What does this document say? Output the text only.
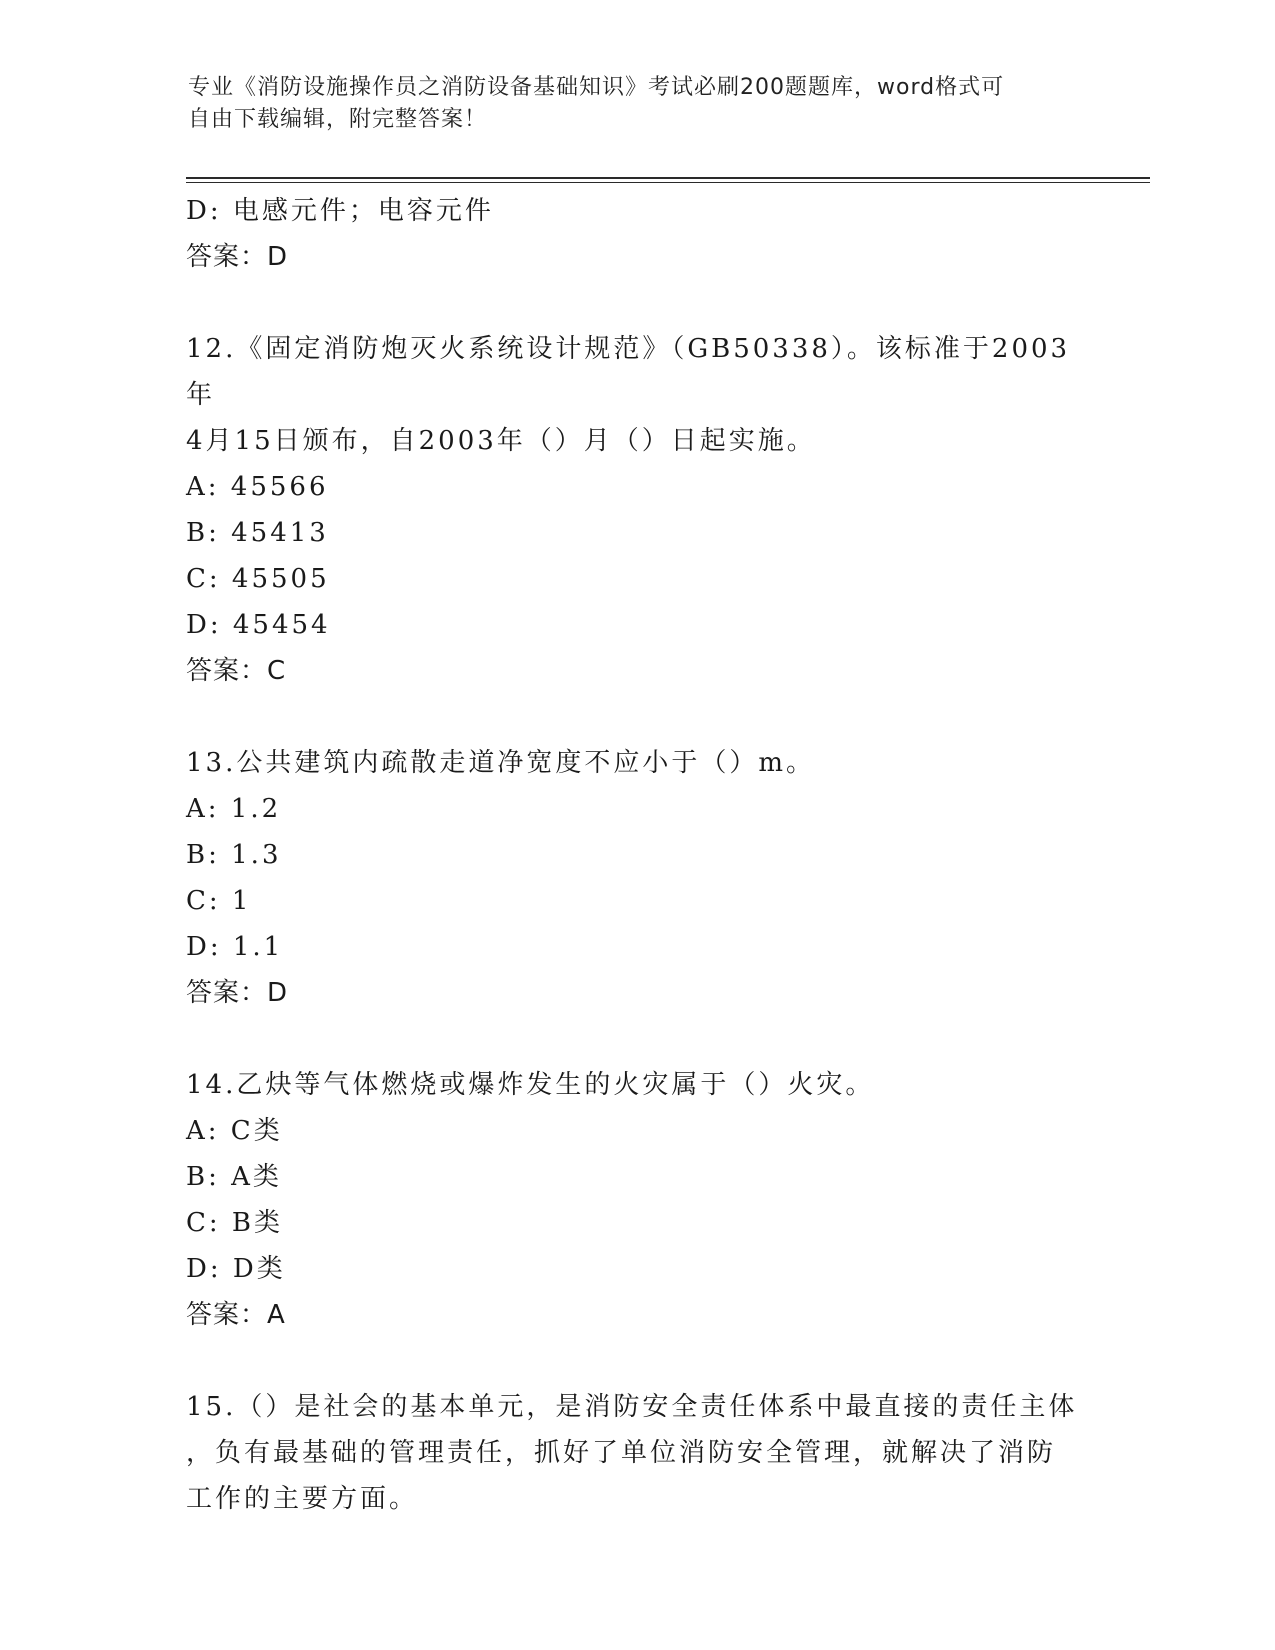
专业《消防设施操作员之消防设备基础知识》考试必刷200题题库，word格式可
自由下载编辑，附完整答案！
D: 电感元件；电容元件
答案：D
12.《固定消防炮灭火系统设计规范》（GB50338）。该标准于2003年
4月15日颁布，自2003年（）月（）日起实施。
A: 45566
B: 45413
C: 45505
D: 45454
答案：C
13.公共建筑内疏散走道净宽度不应小于（）m。
A: 1.2
B: 1.3
C: 1
D: 1.1
答案：D
14.乙炔等气体燃烧或爆炸发生的火灾属于（）火灾。
A: C类
B: A类
C: B类
D: D类
答案：A
15.（）是社会的基本单元，是消防安全责任体系中最直接的责任主体
，负有最基础的管理责任，抓好了单位消防安全管理，就解决了消防
工作的主要方面。
